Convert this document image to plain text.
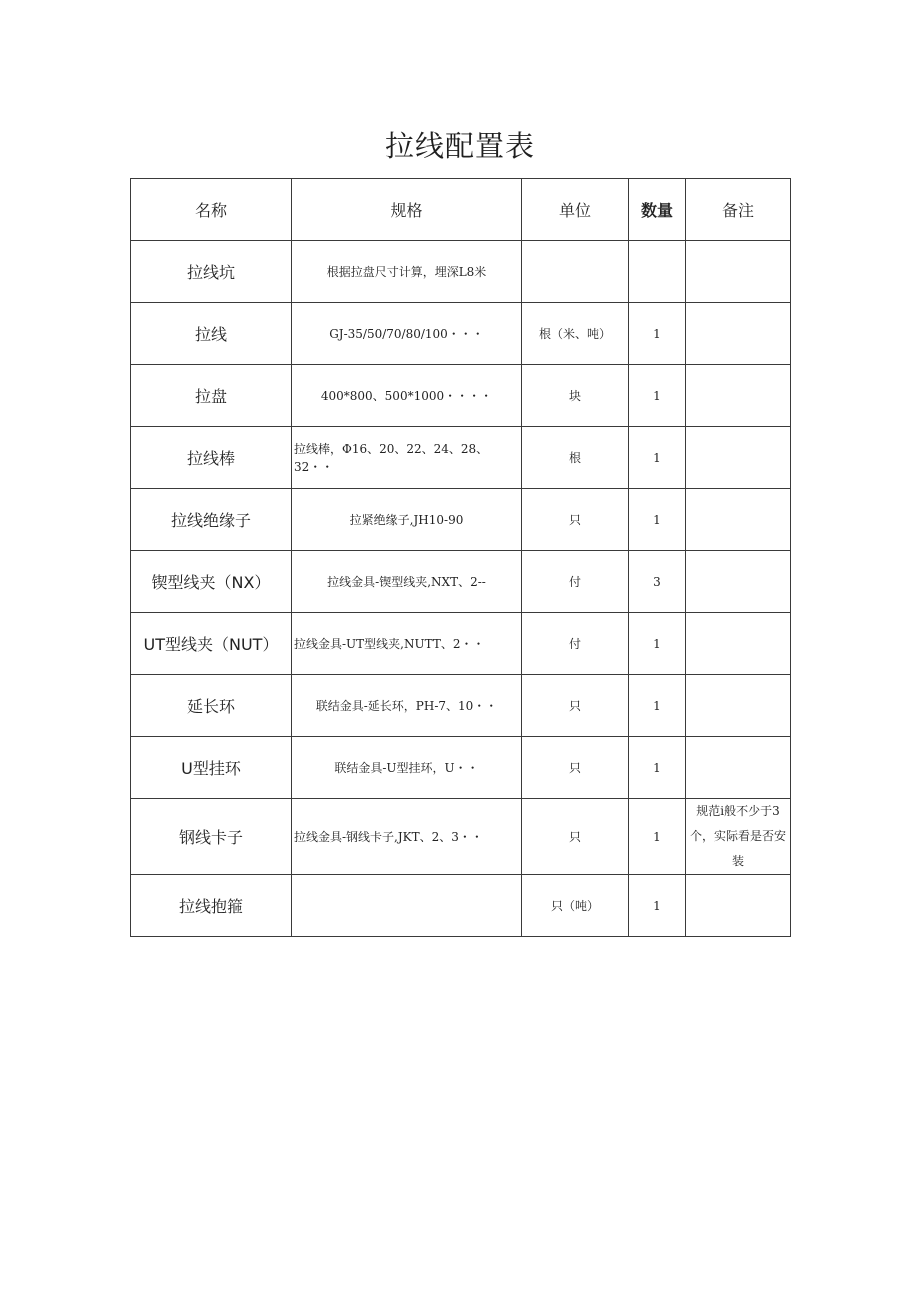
拉线配置表
名称	规格	单位	数量	备注
拉线坑	根据拉盘尺寸计算，埋深L8米			
拉线	GJ-35/50/70/80/100・・・	根（米、吨）	1	
拉盘	400*800、500*1000・・・・	块	1	
拉线棒	拉线棒，Φ16、20、22、24、28、32・・	根	1	
拉线绝缘子	拉紧绝缘子,JH10-90	只	1	
锲型线夹（NX）	拉线金具-锲型线夹,NXT、2--	付	3	
UT型线夹（NUT）	拉线金具-UT型线夹,NUTT、2・・	付	1	
延长环	联结金具-延长环，PH-7、10・・	只	1	
U型挂环	联结金具-U型挂环，U・・	只	1	
钢线卡子	拉线金具-钢线卡子,JKT、2、3・・	只	1	规范i般不少于3个，实际看是否安装
拉线抱箍		只（吨）	1	
